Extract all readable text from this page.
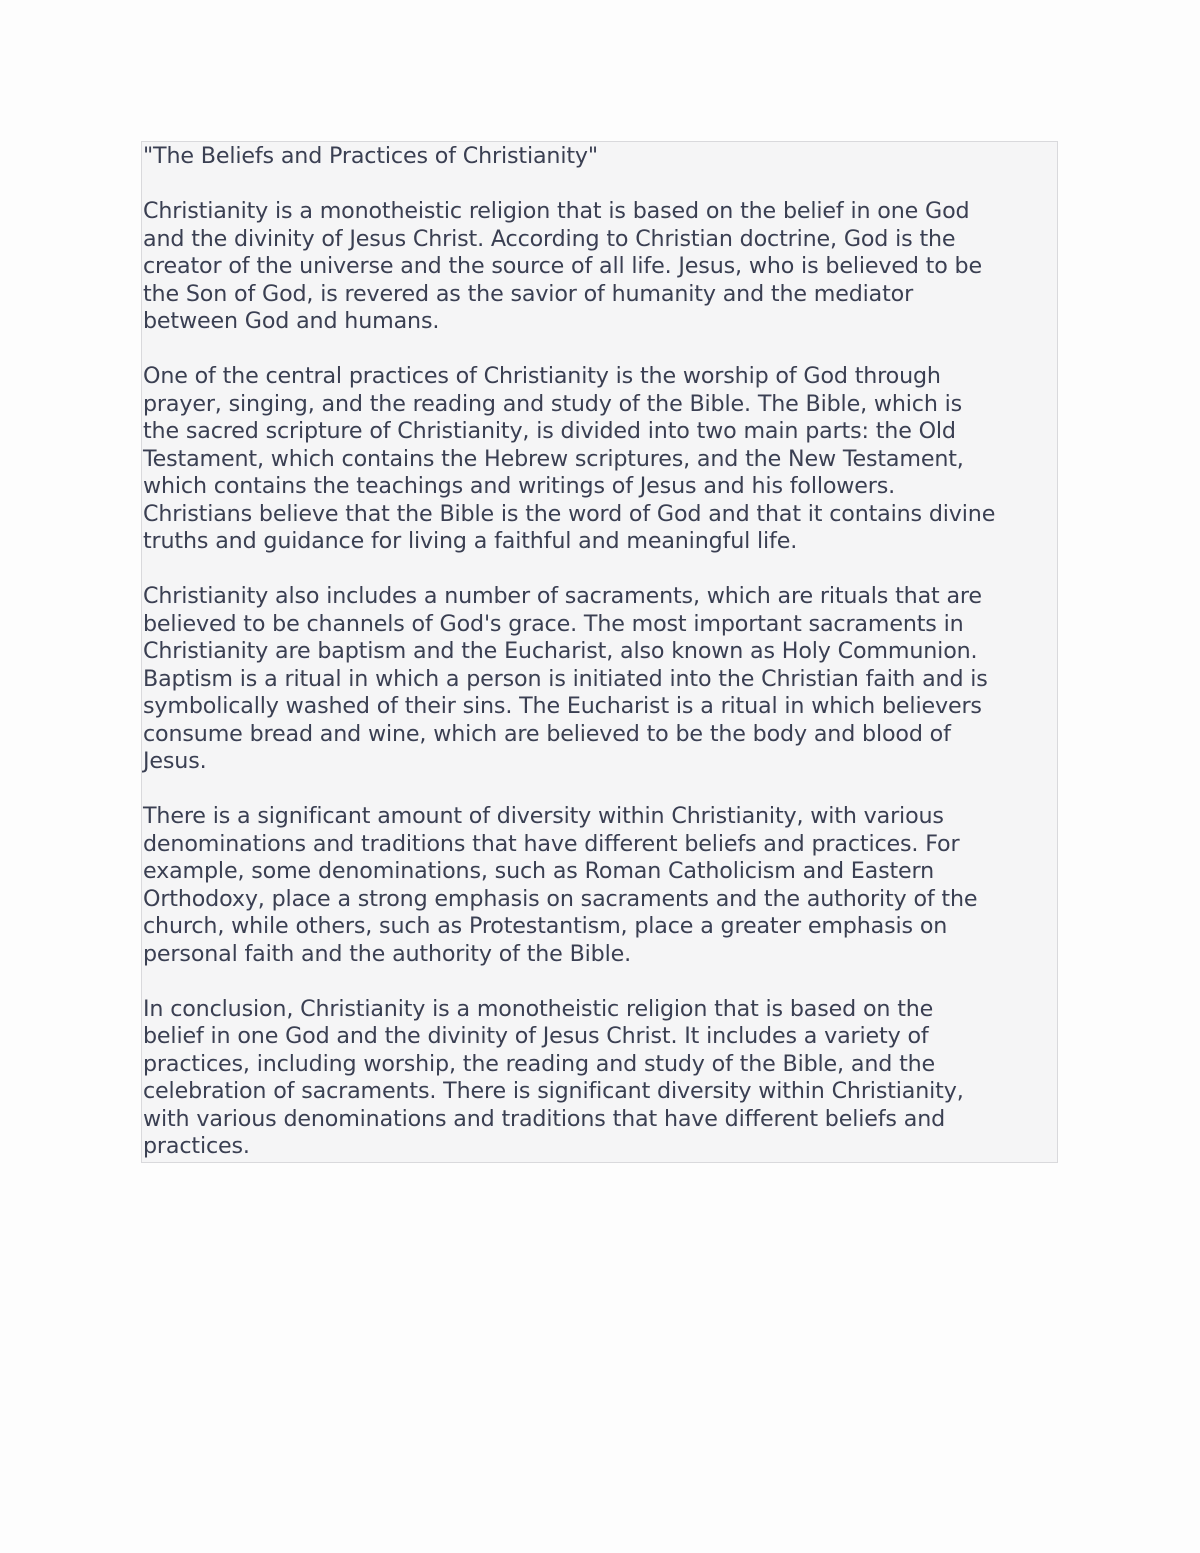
"The Beliefs and Practices of Christianity"

Christianity is a monotheistic religion that is based on the belief in one God
and the divinity of Jesus Christ. According to Christian doctrine, God is the
creator of the universe and the source of all life. Jesus, who is believed to be
the Son of God, is revered as the savior of humanity and the mediator
between God and humans.

One of the central practices of Christianity is the worship of God through
prayer, singing, and the reading and study of the Bible. The Bible, which is
the sacred scripture of Christianity, is divided into two main parts: the Old
Testament, which contains the Hebrew scriptures, and the New Testament,
which contains the teachings and writings of Jesus and his followers.
Christians believe that the Bible is the word of God and that it contains divine
truths and guidance for living a faithful and meaningful life.

Christianity also includes a number of sacraments, which are rituals that are
believed to be channels of God's grace. The most important sacraments in
Christianity are baptism and the Eucharist, also known as Holy Communion.
Baptism is a ritual in which a person is initiated into the Christian faith and is
symbolically washed of their sins. The Eucharist is a ritual in which believers
consume bread and wine, which are believed to be the body and blood of
Jesus.

There is a significant amount of diversity within Christianity, with various
denominations and traditions that have different beliefs and practices. For
example, some denominations, such as Roman Catholicism and Eastern
Orthodoxy, place a strong emphasis on sacraments and the authority of the
church, while others, such as Protestantism, place a greater emphasis on
personal faith and the authority of the Bible.

In conclusion, Christianity is a monotheistic religion that is based on the
belief in one God and the divinity of Jesus Christ. It includes a variety of
practices, including worship, the reading and study of the Bible, and the
celebration of sacraments. There is significant diversity within Christianity,
with various denominations and traditions that have different beliefs and
practices.
